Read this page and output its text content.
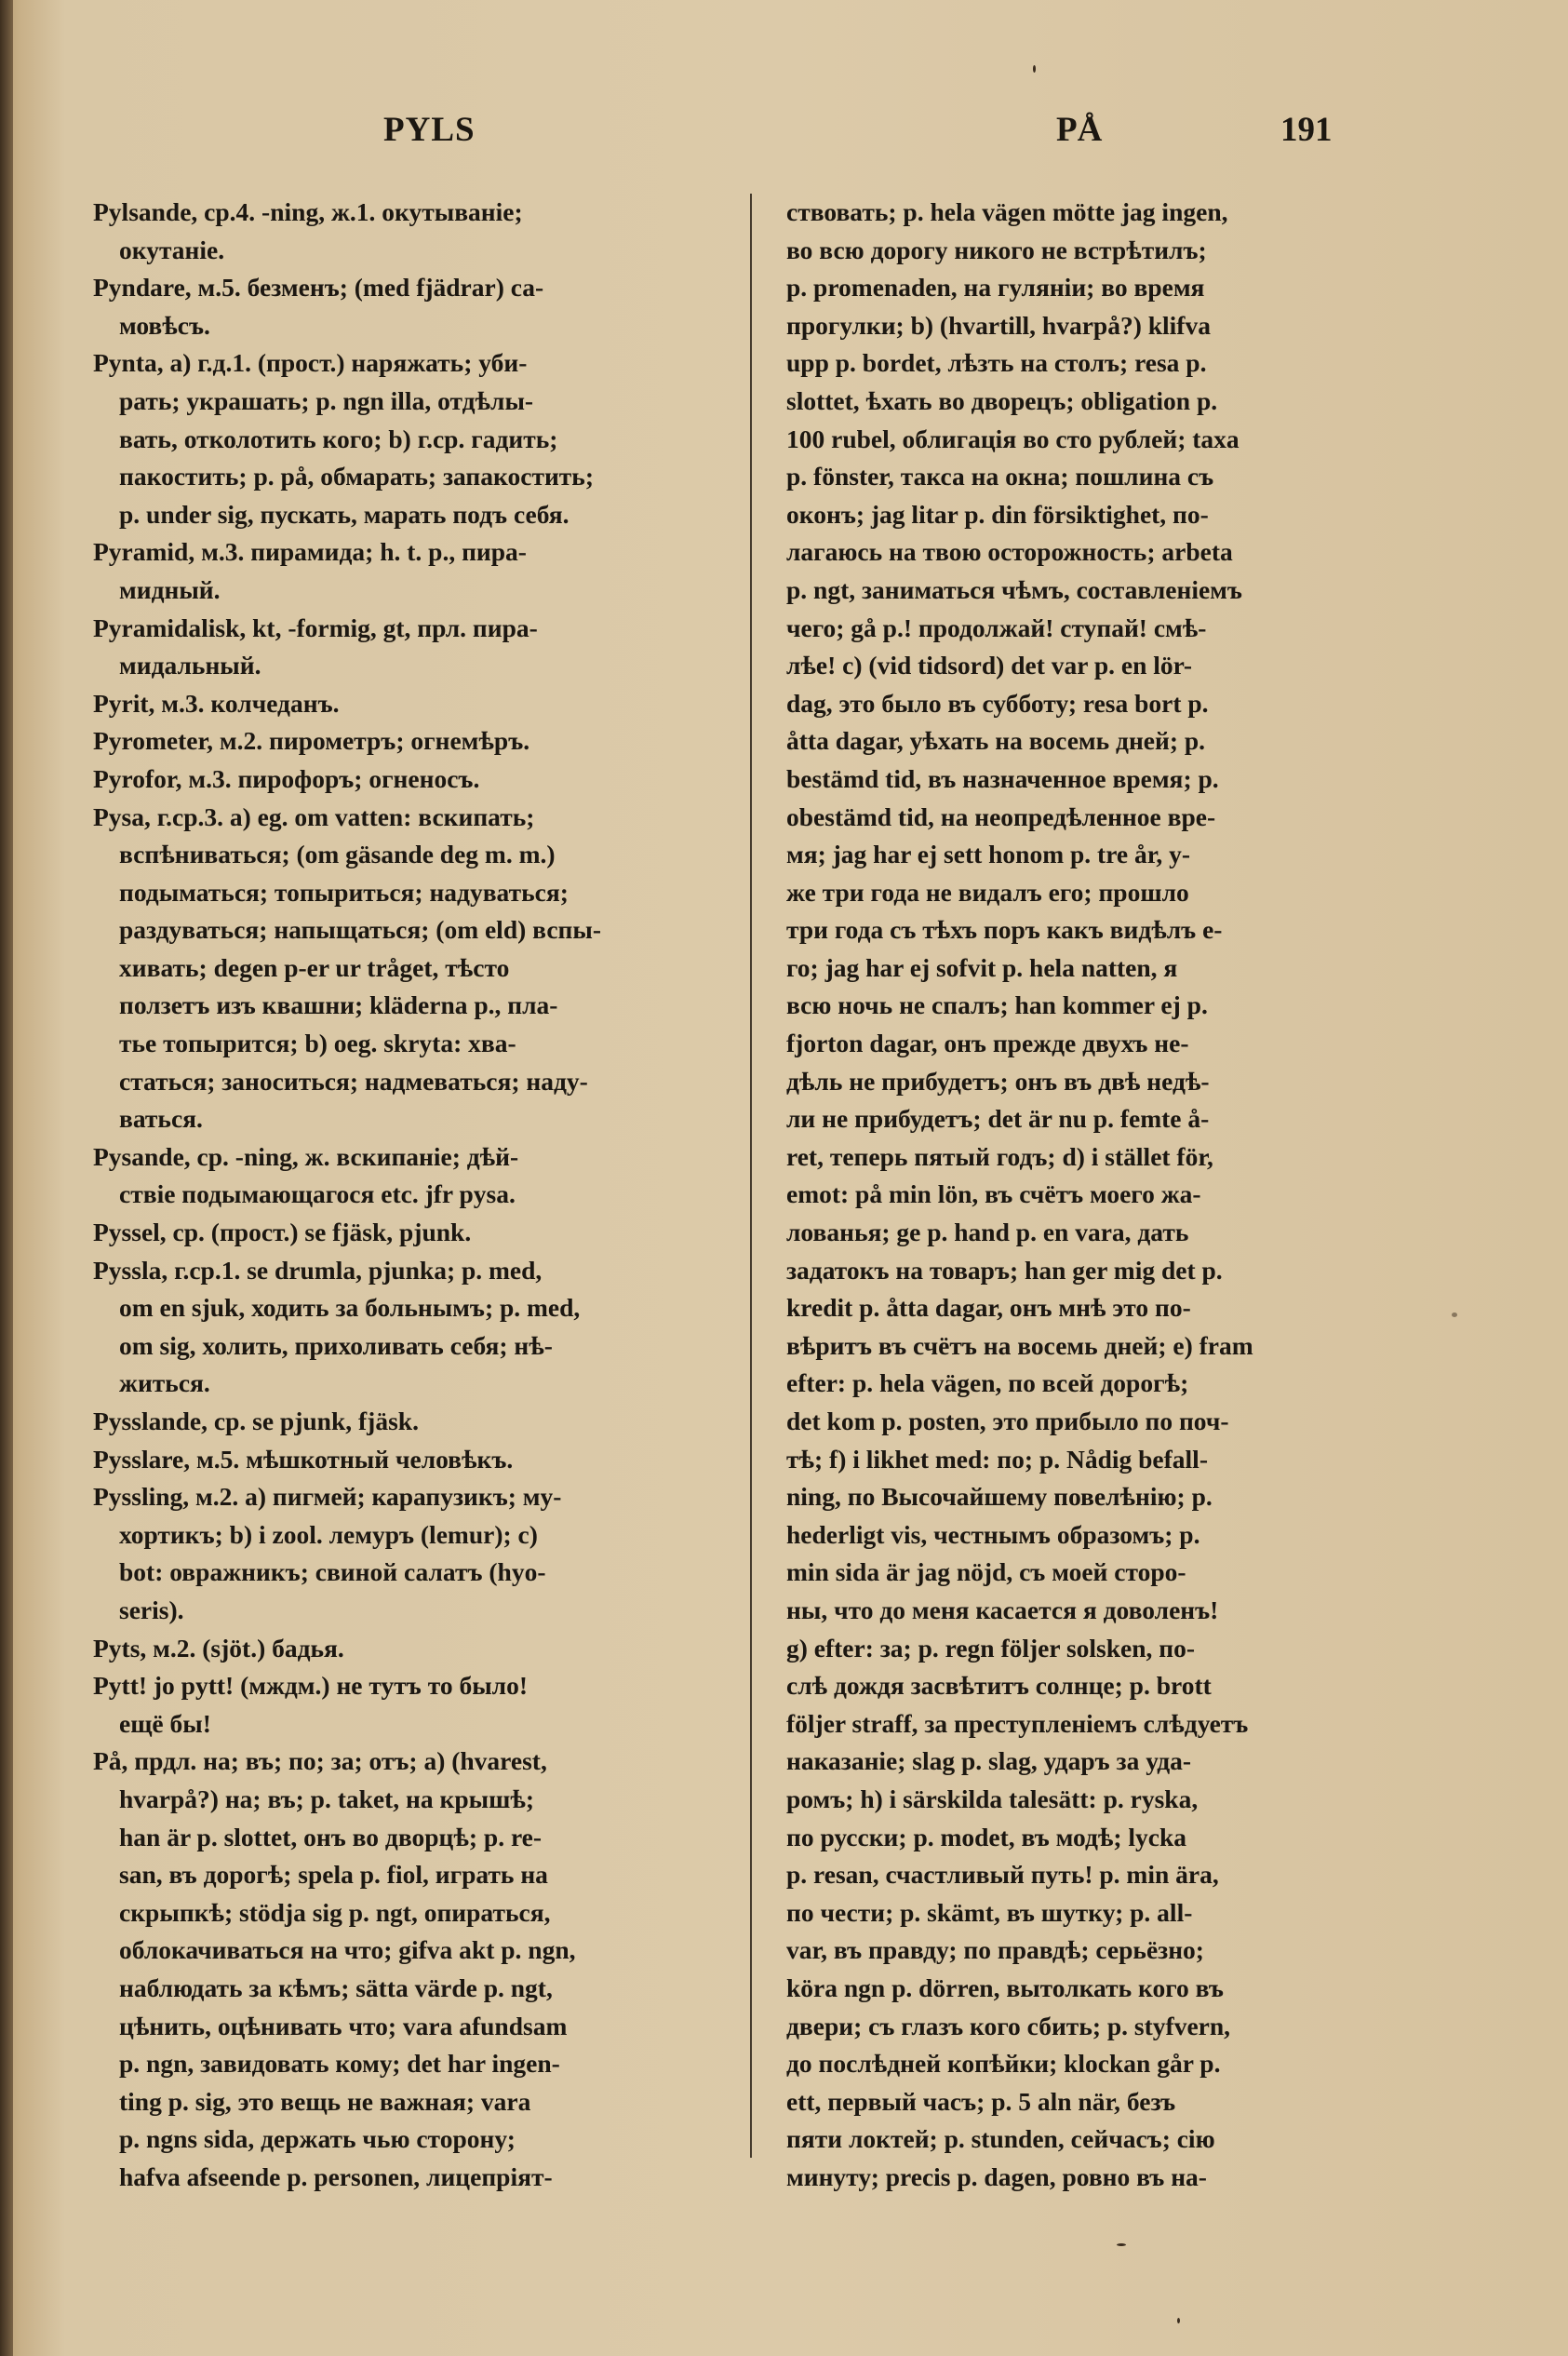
PYLS	PÅ	191
Pylsande, ср.4. -ning, ж.1. окутываніе;
окутаніе.
Pyndare, м.5. безменъ; (med fjädrar) са-
мовѣсъ.
Pynta, a) г.д.1. (прост.) наряжать; уби-
рать; украшать; p. ngn illa, отдѣлы-
вать, отколотить кого; b) г.ср. гадить;
пакостить; p. på, обмарать; запакостить;
p. under sig, пускать, марать подъ себя.
Pyramid, м.3. пирамида; h. t. p., пира-
мидный.
Pyramidalisk, kt, -formig, gt, прл. пира-
мидальный.
Pyrit, м.3. колчеданъ.
Pyrometer, м.2. пирометръ; огнемѣръ.
Pyrofor, м.3. пирофоръ; огненосъ.
Pysa, г.ср.3. a) eg. om vatten: вскипать;
вспѣниваться; (om gäsande deg m. m.)
подыматься; топыриться; надуваться;
раздуваться; напыщаться; (om eld) вспы-
хивать; degen p-er ur tråget, тѣсто
ползетъ изъ квашни; kläderna p., пла-
тье топырится; b) oeg. skryta: хва-
статься; заноситься; надмеваться; наду-
ваться.
Pysande, ср. -ning, ж. вскипаніе; дѣй-
ствіе подымающагося etc. jfr pysa.
Pyssel, ср. (прост.) se fjäsk, pjunk.
Pyssla, г.ср.1. se drumla, pjunka; p. med,
om en sjuk, ходить за больнымъ; p. med,
om sig, холить, прихоливать себя; нѣ-
житься.
Pysslande, ср. se pjunk, fjäsk.
Pysslare, м.5. мѣшкотный человѣкъ.
Pyssling, м.2. a) пигмей; карапузикъ; му-
хортикъ; b) i zool. лемуръ (lemur); c)
bot: овражникъ; свиной салатъ (hyo-
seris).
Pyts, м.2. (sjöt.) бадья.
Pytt! jo pytt! (мждм.) не тутъ то было!
ещё бы!
På, прдл. на; въ; по; за; отъ; a) (hvarest,
hvarpå?) на; въ; p. taket, на крышѣ;
han är p. slottet, онъ во дворцѣ; p. re-
san, въ дорогѣ; spela p. fiol, играть на
скрыпкѣ; stödja sig p. ngt, опираться,
облокачиваться на что; gifva akt p. ngn,
наблюдать за кѣмъ; sätta värde p. ngt,
цѣнить, оцѣнивать что; vara afundsam
p. ngn, завидовать кому; det har ingen-
ting p. sig, это вещь не важная; vara
p. ngns sida, держать чью сторону;
hafva afseende p. personen, лицепріят-
ствовать; p. hela vägen mötte jag ingen,
во всю дорогу никого не встрѣтилъ;
p. promenaden, на гуляніи; во время
прогулки; b) (hvartill, hvarpå?) klifva
upp p. bordet, лѣзть на столъ; resa p.
slottet, ѣхать во дворецъ; obligation p.
100 rubel, облигація во сто рублей; taxa
p. fönster, такса на окна; пошлина съ
оконъ; jag litar p. din försiktighet, по-
лагаюсь на твою осторожность; arbeta
p. ngt, заниматься чѣмъ, составленіемъ
чего; gå p.! продолжай! ступай! смѣ-
лѣе! c) (vid tidsord) det var p. en lör-
dag, это было въ субботу; resa bort p.
åtta dagar, уѣхать на восемь дней; p.
bestämd tid, въ назначенное время; p.
obestämd tid, на неопредѣленное вре-
мя; jag har ej sett honom p. tre år, у-
же три года не видалъ его; прошло
три года съ тѣхъ поръ какъ видѣлъ е-
го; jag har ej sofvit p. hela natten, я
всю ночь не спалъ; han kommer ej p.
fjorton dagar, онъ прежде двухъ не-
дѣль не прибудетъ; онъ въ двѣ недѣ-
ли не прибудетъ; det är nu p. femte å-
ret, теперь пятый годъ; d) i stället för,
emot: på min lön, въ счётъ моего жа-
лованья; ge p. hand p. en vara, дать
задатокъ на товаръ; han ger mig det p.
kredit p. åtta dagar, онъ мнѣ это по-
вѣритъ въ счётъ на восемь дней; e) fram
efter: p. hela vägen, по всей дорогѣ;
det kom p. posten, это прибыло по поч-
тѣ; f) i likhet med: по; p. Nådig befall-
ning, по Высочайшему повелѣнію; p.
hederligt vis, честнымъ образомъ; p.
min sida är jag nöjd, съ моей сторо-
ны, что до меня касается я доволенъ!
g) efter: за; p. regn följer solsken, по-
слѣ дождя засвѣтитъ солнце; p. brott
följer straff, за преступленіемъ слѣдуетъ
наказаніе; slag p. slag, ударъ за уда-
ромъ; h) i särskilda talesätt: p. ryska,
по русски; p. modet, въ модѣ; lycka
p. resan, счастливый путь! p. min ära,
по чести; p. skämt, въ шутку; p. all-
var, въ правду; по правдѣ; серьёзно;
köra ngn p. dörren, вытолкать кого въ
двери; съ глазъ кого сбить; p. styfvern,
до послѣдней копѣйки; klockan går p.
ett, первый часъ; p. 5 aln när, безъ
пяти локтей; p. stunden, сейчасъ; сію
минуту; precis p. dagen, ровно въ на-
